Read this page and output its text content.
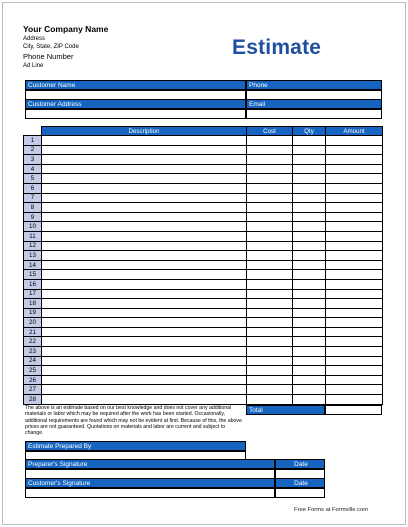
Your Company Name
Address
City, State, ZIP Code
Phone Number
Ad Line
Estimate
Customer Name	Phone
Customer Address	Email
	Description	Cost	Qty	Amount
1				
2				
3				
4				
5				
6				
7				
8				
9				
10				
11				
12				
13				
14				
15				
16				
17				
18				
19				
20				
21				
22				
23				
24				
25				
26				
27				
28				
The above is an estimate based on our best knowledge and does not cover any additional materials or labor which may be required after the work has been started. Occasionally, additional requirements are found which may not be evident at first. Because of this, the above prices are not guaranteed. Quotations on materials and labor are current and subject to change.
Total
Estimate Prepared By
Preparer's Signature	Date
Customer's Signature	Date
Free Forms at Formville.com
